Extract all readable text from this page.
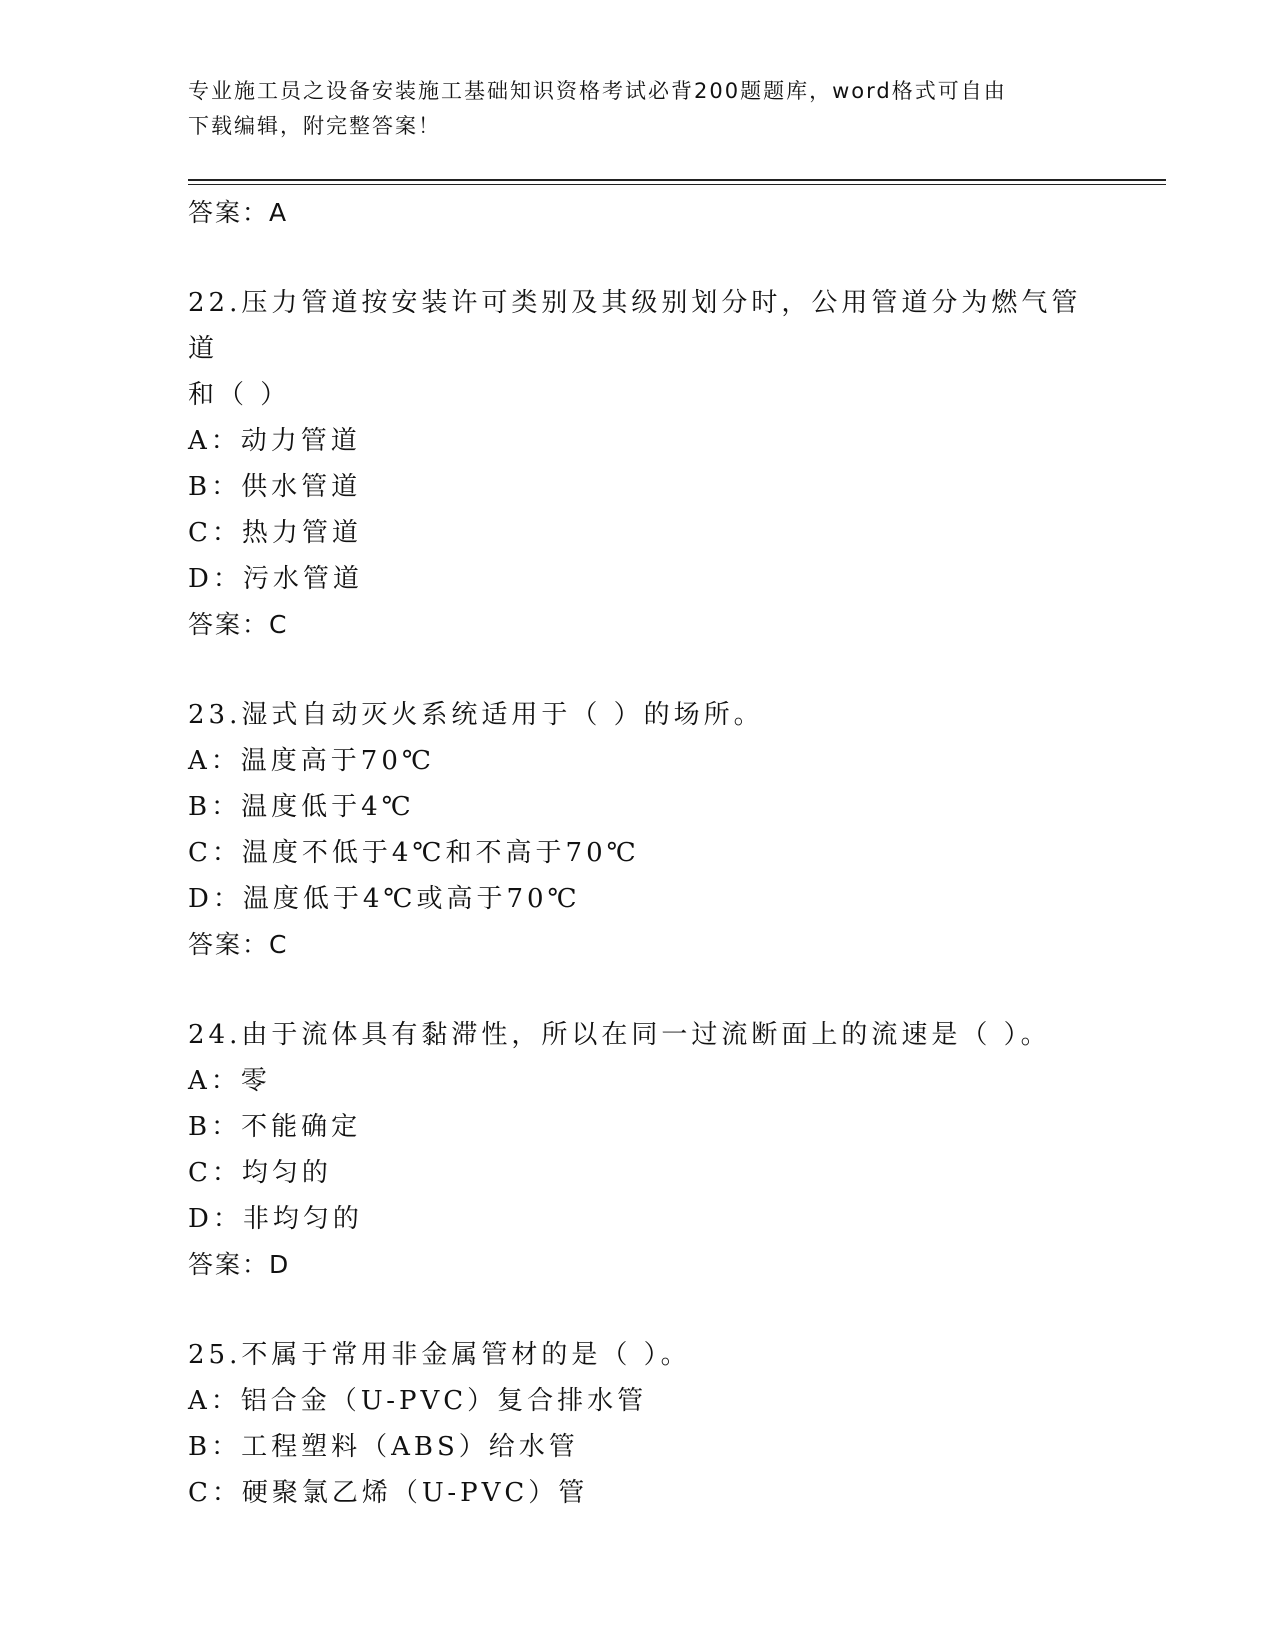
专业施工员之设备安装施工基础知识资格考试必背200题题库，word格式可自由
下载编辑，附完整答案！
答案：A
22.压力管道按安装许可类别及其级别划分时，公用管道分为燃气管道
和（ ）
A：动力管道
B：供水管道
C：热力管道
D：污水管道
答案：C
23.湿式自动灭火系统适用于（ ）的场所。
A：温度高于70℃
B：温度低于4℃
C：温度不低于4℃和不高于70℃
D：温度低于4℃或高于70℃
答案：C
24.由于流体具有黏滞性，所以在同一过流断面上的流速是（ ）。
A：零
B：不能确定
C：均匀的
D：非均匀的
答案：D
25.不属于常用非金属管材的是（ ）。
A：铝合金（U-PVC）复合排水管
B：工程塑料（ABS）给水管
C：硬聚氯乙烯（U-PVC）管
